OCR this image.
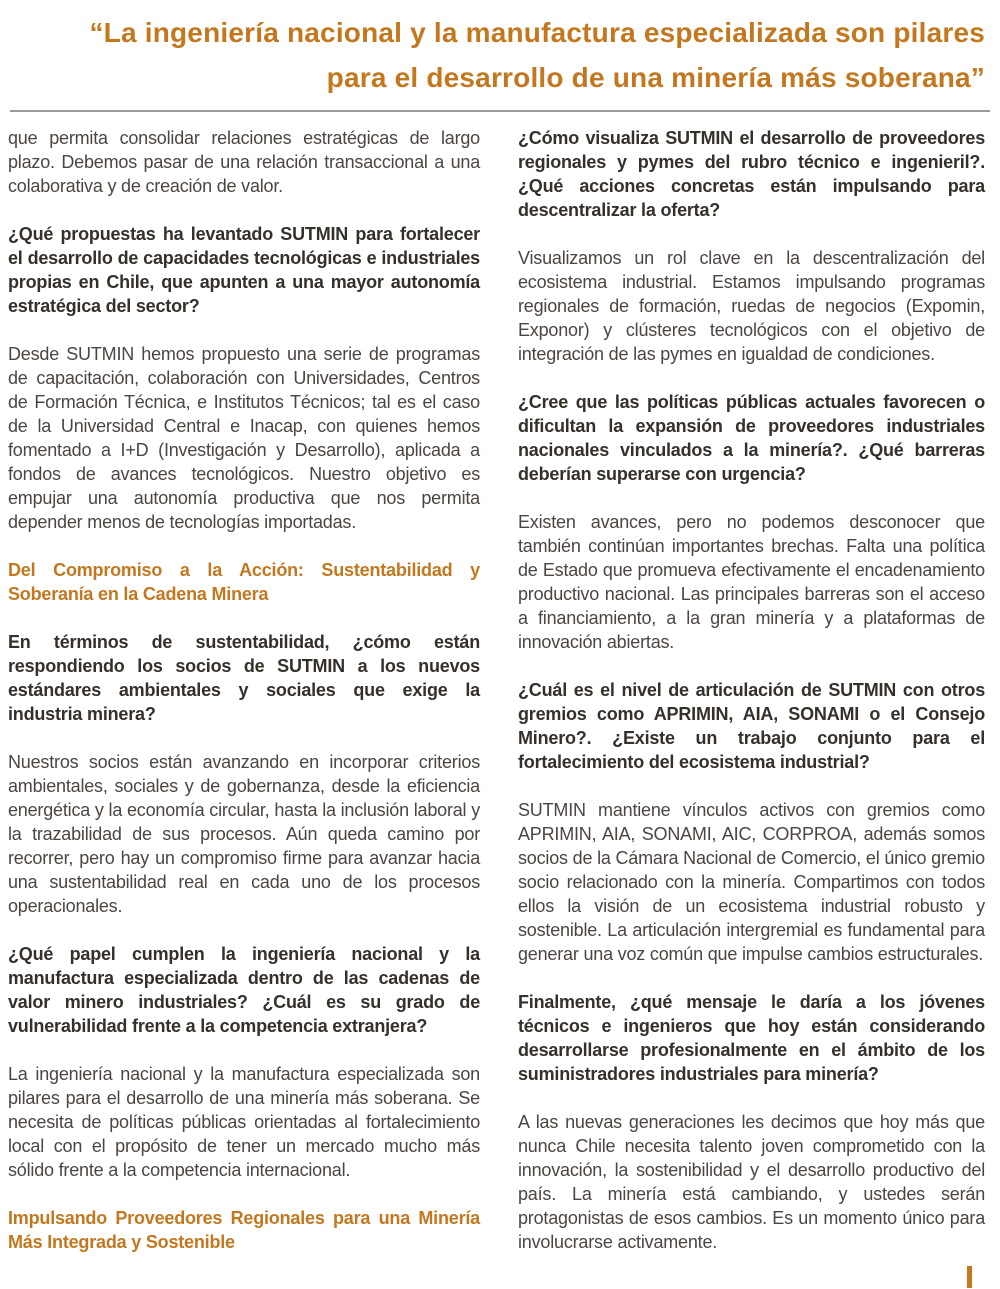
“La ingeniería nacional y la manufactura especializada son pilares
para el desarrollo de una minería más soberana”

que permita consolidar relaciones estratégicas de largo plazo. Debemos pasar de una relación transaccional a una colaborativa y de creación de valor.

¿Qué propuestas ha levantado SUTMIN para fortalecer el desarrollo de capacidades tecnológicas e industriales propias en Chile, que apunten a una mayor autonomía estratégica del sector?

Desde SUTMIN hemos propuesto una serie de programas de capacitación, colaboración con Universidades, Centros de Formación Técnica, e Institutos Técnicos; tal es el caso de la Universidad Central e Inacap, con quienes hemos fomentado a I+D (Investigación y Desarrollo), aplicada a fondos de avances tecnológicos. Nuestro objetivo es empujar una autonomía productiva que nos permita depender menos de tecnologías importadas.

Del Compromiso a la Acción: Sustentabilidad y Soberanía en la Cadena Minera

En términos de sustentabilidad, ¿cómo están respondiendo los socios de SUTMIN a los nuevos estándares ambientales y sociales que exige la industria minera?

Nuestros socios están avanzando en incorporar criterios ambientales, sociales y de gobernanza, desde la eficiencia energética y la economía circular, hasta la inclusión laboral y la trazabilidad de sus procesos. Aún queda camino por recorrer, pero hay un compromiso firme para avanzar hacia una sustentabilidad real en cada uno de los procesos operacionales.

¿Qué papel cumplen la ingeniería nacional y la manufactura especializada dentro de las cadenas de valor minero industriales? ¿Cuál es su grado de vulnerabilidad frente a la competencia extranjera?

La ingeniería nacional y la manufactura especializada son pilares para el desarrollo de una minería más soberana. Se necesita de políticas públicas orientadas al fortalecimiento local con el propósito de tener un mercado mucho más sólido frente a la competencia internacional.

Impulsando Proveedores Regionales para una Minería Más Integrada y Sostenible

¿Cómo visualiza SUTMIN el desarrollo de proveedores regionales y pymes del rubro técnico e ingenieril?. ¿Qué acciones concretas están impulsando para descentralizar la oferta?

Visualizamos un rol clave en la descentralización del ecosistema industrial. Estamos impulsando programas regionales de formación, ruedas de negocios (Expomin, Exponor) y clústeres tecnológicos con el objetivo de integración de las pymes en igualdad de condiciones.

¿Cree que las políticas públicas actuales favorecen o dificultan la expansión de proveedores industriales nacionales vinculados a la minería?. ¿Qué barreras deberían superarse con urgencia?

Existen avances, pero no podemos desconocer que también continúan importantes brechas. Falta una política de Estado que promueva efectivamente el encadenamiento productivo nacional. Las principales barreras son el acceso a financiamiento, a la gran minería y a plataformas de innovación abiertas.

¿Cuál es el nivel de articulación de SUTMIN con otros gremios como APRIMIN, AIA, SONAMI o el Consejo Minero?. ¿Existe un trabajo conjunto para el fortalecimiento del ecosistema industrial?

SUTMIN mantiene vínculos activos con gremios como APRIMIN, AIA, SONAMI, AIC, CORPROA, además somos socios de la Cámara Nacional de Comercio, el único gremio socio relacionado con la minería. Compartimos con todos ellos la visión de un ecosistema industrial robusto y sostenible. La articulación intergremial es fundamental para generar una voz común que impulse cambios estructurales.

Finalmente, ¿qué mensaje le daría a los jóvenes técnicos e ingenieros que hoy están considerando desarrollarse profesionalmente en el ámbito de los suministradores industriales para minería?

A las nuevas generaciones les decimos que hoy más que nunca Chile necesita talento joven comprometido con la innovación, la sostenibilidad y el desarrollo productivo del país. La minería está cambiando, y ustedes serán protagonistas de esos cambios. Es un momento único para involucrarse activamente.
